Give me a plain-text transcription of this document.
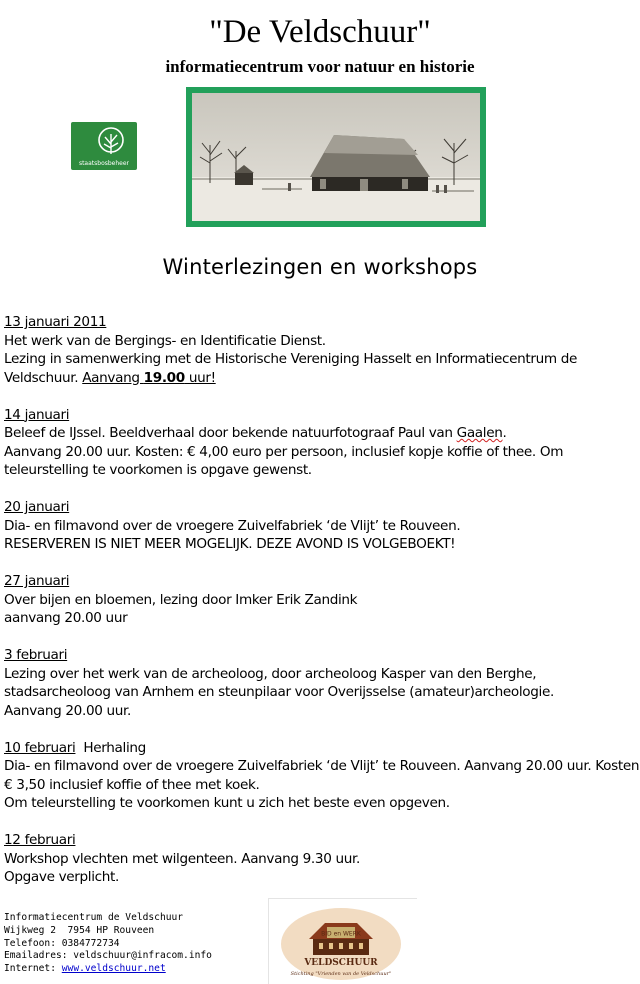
"De Veldschuur"
informatiecentrum voor natuur en historie
staatsbosbeheer
Winterlezingen en workshops
13 januari 2011
Het werk van de Bergings- en Identificatie Dienst.
Lezing in samenwerking met de Historische Vereniging Hasselt en Informatiecentrum de Veldschuur. Aanvang 19.00 uur!
14 januari
Beleef de IJssel. Beeldverhaal door bekende natuurfotograaf Paul van Gaalen.
Aanvang 20.00 uur. Kosten: € 4,00 euro per persoon, inclusief kopje koffie of thee. Om teleurstelling te voorkomen is opgave gewenst.
20 januari
Dia- en filmavond over de vroegere Zuivelfabriek ‘de Vlijt’ te Rouveen.
RESERVEREN IS NIET MEER MOGELIJK. DEZE AVOND IS VOLGEBOEKT!
27 januari
Over bijen en bloemen, lezing door Imker Erik Zandink
aanvang 20.00 uur
3 februari
Lezing over het werk van de archeoloog, door archeoloog Kasper van den Berghe, stadsarcheoloog van Arnhem en steunpilaar voor Overijsselse (amateur)archeologie.
Aanvang 20.00 uur.
10 februari  Herhaling
Dia- en filmavond over de vroegere Zuivelfabriek ‘de Vlijt’ te Rouveen. Aanvang 20.00 uur. Kosten € 3,50 inclusief koffie of thee met koek.
Om teleurstelling te voorkomen kunt u zich het beste even opgeven.
12 februari
Workshop vlechten met wilgenteen. Aanvang 9.30 uur.
Opgave verplicht.
Informatiecentrum de Veldschuur
Wijkweg 2  7954 HP Rouveen
Telefoon: 0384772734
Emailadres: veldschuur@infracom.info
Internet: www.veldschuur.net
BID en WERK
VELDSCHUUR
Stichting "Vrienden van de Veldschuur"
